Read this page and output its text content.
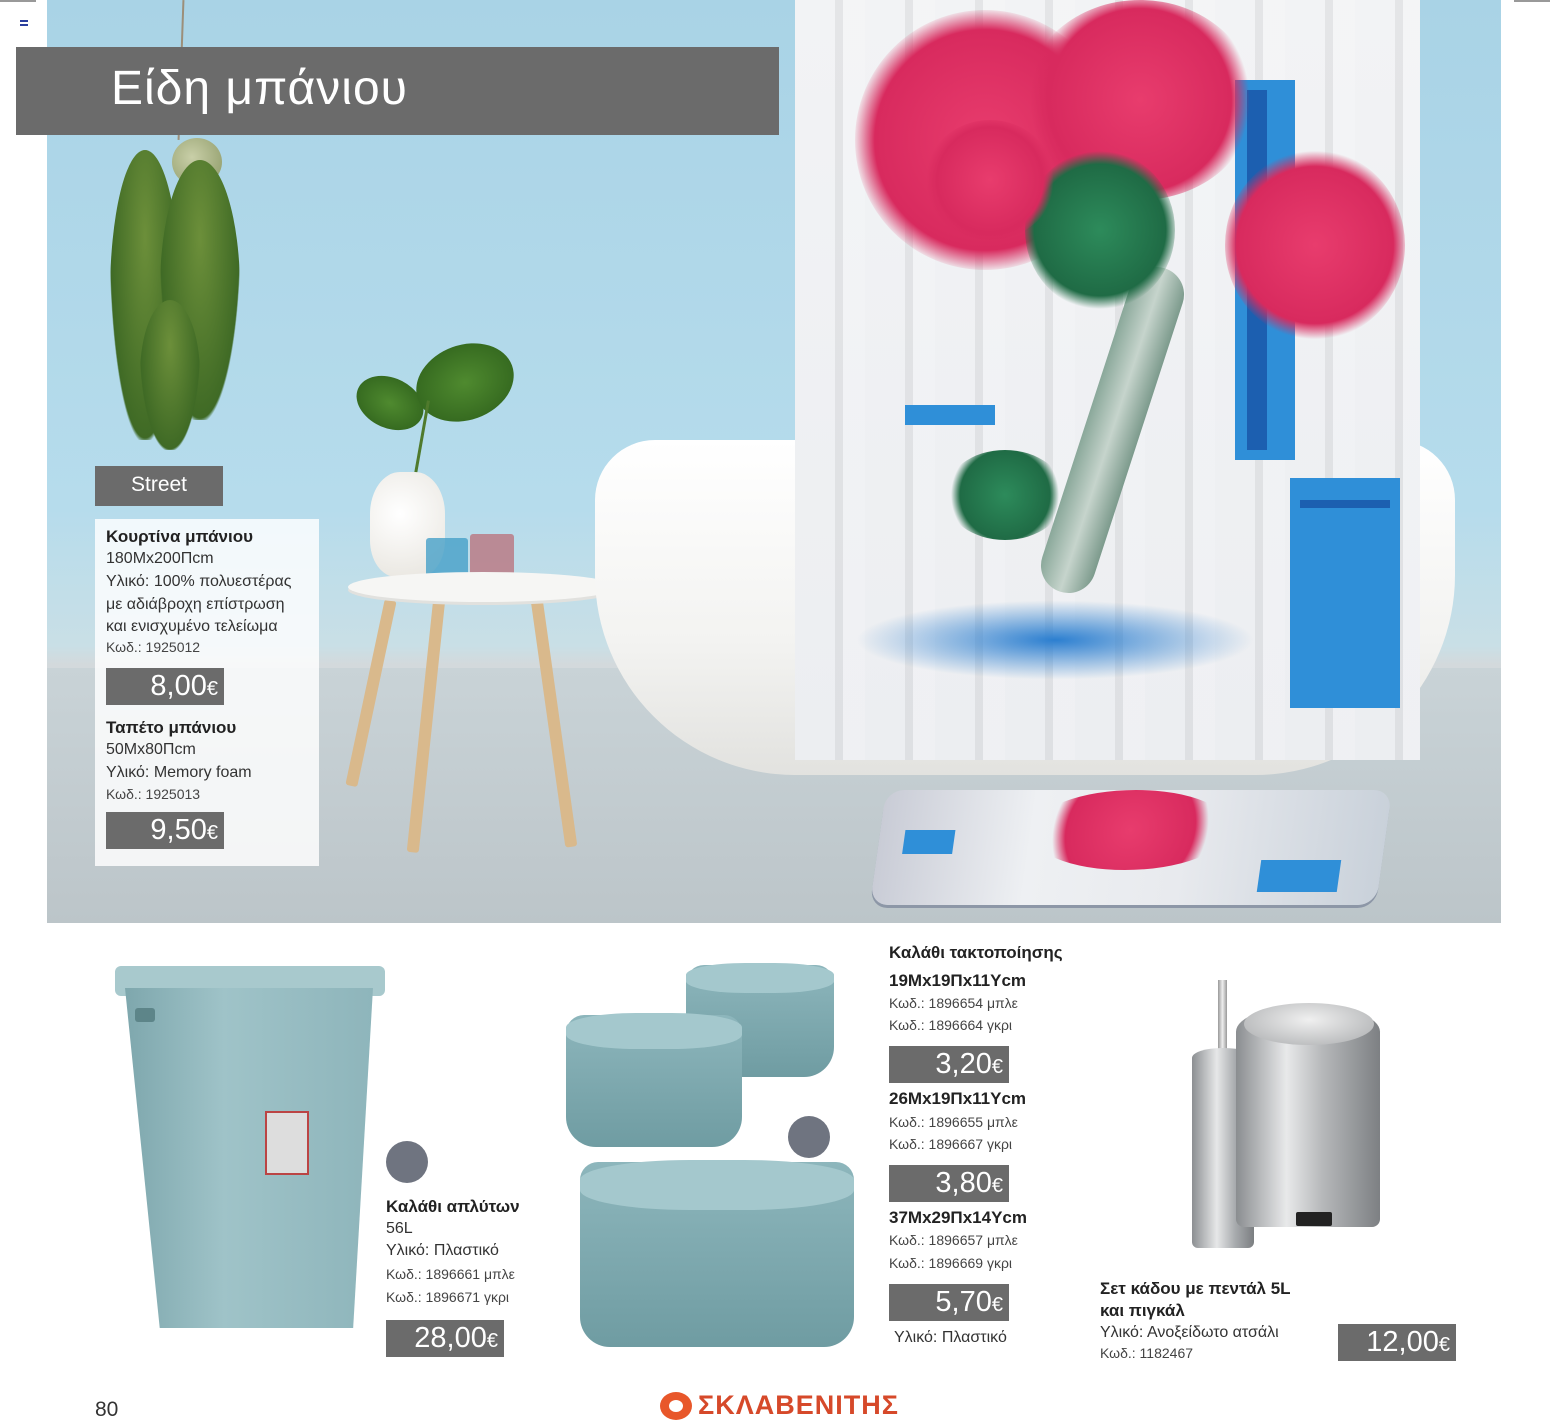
Είδη μπάνιου
Street
Κουρτίνα μπάνιου
180Μx200Πcm
Υλικό: 100% πολυεστέρας
με αδιάβροχη επίστρωση
και ενισχυμένο τελείωμα
Κωδ.: 1925012
8,00€
Ταπέτο μπάνιου
50Μx80Πcm
Υλικό: Memory foam
Κωδ.: 1925013
9,50€
Καλάθι απλύτων
56L
Υλικό: Πλαστικό
Κωδ.: 1896661 μπλε
Κωδ.: 1896671 γκρι
28,00€
Καλάθι τακτοποίησης
19Μx19Πx11Υcm
Κωδ.: 1896654 μπλε
Κωδ.: 1896664 γκρι
3,20€
26Μx19Πx11Υcm
Κωδ.: 1896655 μπλε
Κωδ.: 1896667 γκρι
3,80€
37Μx29Πx14Υcm
Κωδ.: 1896657 μπλε
Κωδ.: 1896669 γκρι
5,70€
Υλικό: Πλαστικό
Σετ κάδου με πεντάλ 5L
και πιγκάλ
Υλικό: Ανοξείδωτο ατσάλι
Κωδ.: 1182467	12,00€
80	ΣΚΛΑΒΕΝΙΤΗΣ
